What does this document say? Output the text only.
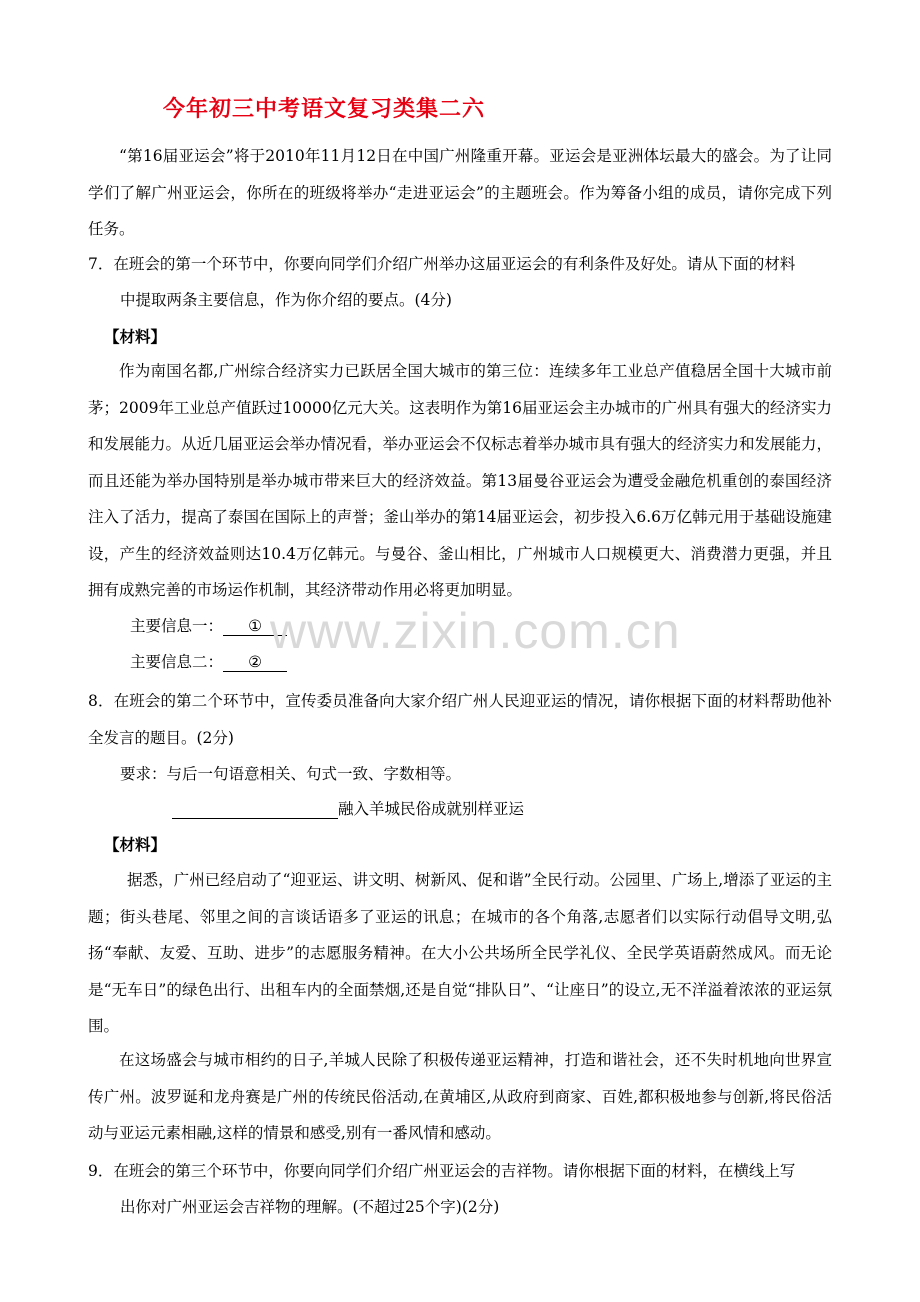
今年初三中考语文复习类集二六
“第16届亚运会”将于2010年11月12日在中国广州隆重开幕。亚运会是亚洲体坛最大的盛会。为了让同学们了解广州亚运会，你所在的班级将举办“走进亚运会”的主题班会。作为筹备小组的成员，请你完成下列任务。
7．在班会的第一个环节中，你要向同学们介绍广州举办这届亚运会的有利条件及好处。请从下面的材料
中提取两条主要信息，作为你介绍的要点。(4分)
【材料】
作为南国名都,广州综合经济实力已跃居全国大城市的第三位：连续多年工业总产值稳居全国十大城市前茅；2009年工业总产值跃过10000亿元大关。这表明作为第16届亚运会主办城市的广州具有强大的经济实力和发展能力。从近几届亚运会举办情况看，举办亚运会不仅标志着举办城市具有强大的经济实力和发展能力，而且还能为举办国特别是举办城市带来巨大的经济效益。第13届曼谷亚运会为遭受金融危机重创的泰国经济注入了活力，提高了泰国在国际上的声誉；釜山举办的第14届亚运会，初步投入6.6万亿韩元用于基础设施建设，产生的经济效益则达10.4万亿韩元。与曼谷、釜山相比，广州城市人口规模更大、消费潜力更强，并且拥有成熟完善的市场运作机制，其经济带动作用必将更加明显。
主要信息一： ①
主要信息二： ②
www.zixin.com.cn
8．在班会的第二个环节中，宣传委员准备向大家介绍广州人民迎亚运的情况，请你根据下面的材料帮助他补全发言的题目。(2分)
要求：与后一句语意相关、句式一致、字数相等。
融入羊城民俗成就别样亚运
【材料】
据悉，广州已经启动了“迎亚运、讲文明、树新风、促和谐”全民行动。公园里、广场上,增添了亚运的主题；街头巷尾、邻里之间的言谈话语多了亚运的讯息；在城市的各个角落,志愿者们以实际行动倡导文明,弘扬“奉献、友爱、互助、进步”的志愿服务精神。在大小公共场所全民学礼仪、全民学英语蔚然成风。而无论是“无车日”的绿色出行、出租车内的全面禁烟,还是自觉“排队日”、“让座日”的设立,无不洋溢着浓浓的亚运氛围。
在这场盛会与城市相约的日子,羊城人民除了积极传递亚运精神，打造和谐社会，还不失时机地向世界宣传广州。波罗诞和龙舟赛是广州的传统民俗活动,在黄埔区,从政府到商家、百姓,都积极地参与创新,将民俗活动与亚运元素相融,这样的情景和感受,别有一番风情和感动。
9．在班会的第三个环节中，你要向同学们介绍广州亚运会的吉祥物。请你根据下面的材料，在横线上写
出你对广州亚运会吉祥物的理解。(不超过25个字)(2分)
